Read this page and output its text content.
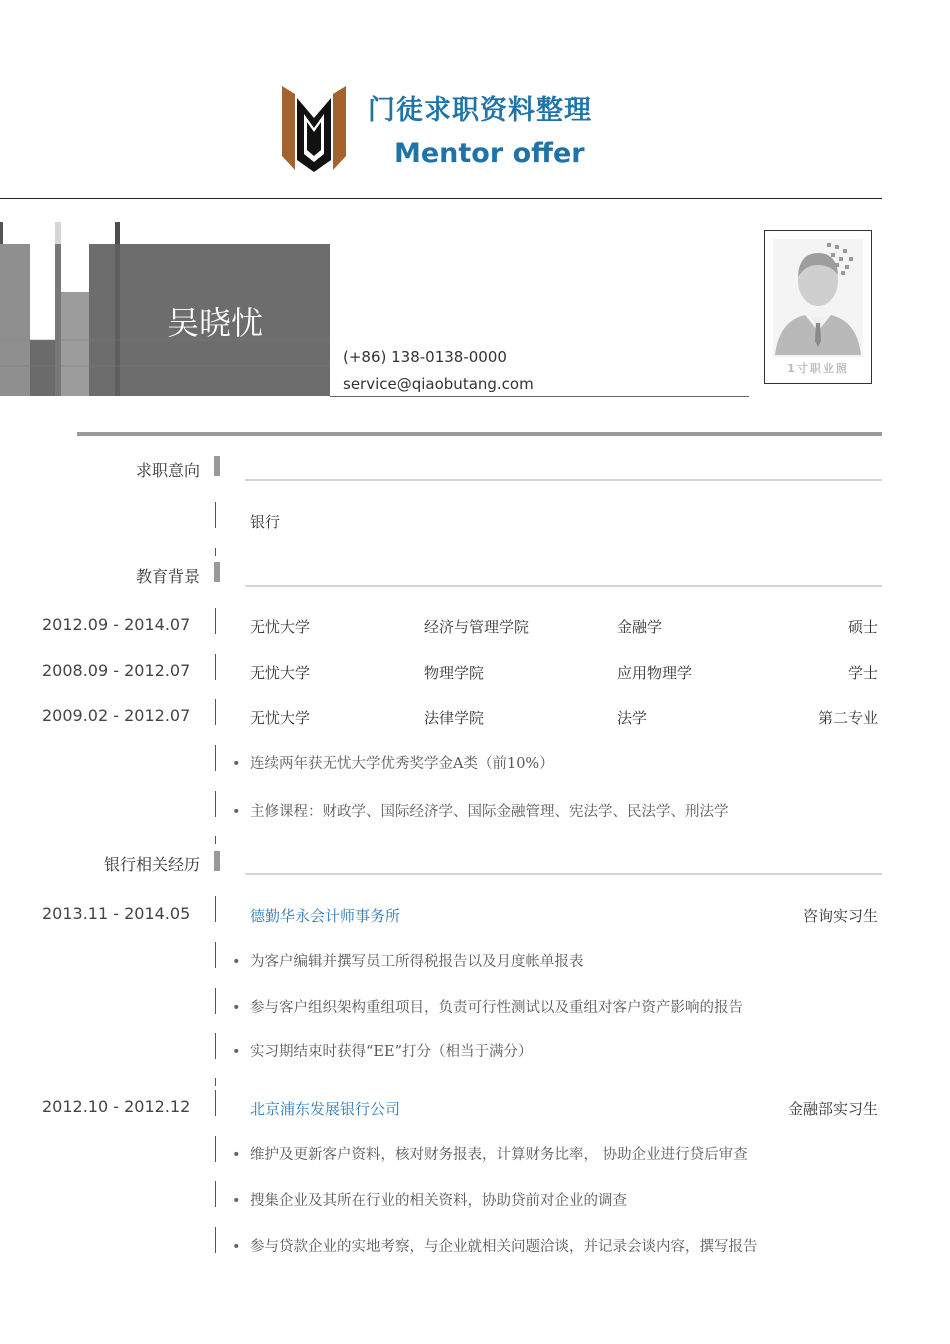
门徒求职资料整理
Mentor offer
吴晓忧
(+86) 138-0138-0000
service@qiaobutang.com
1寸职业照
求职意向
银行
教育背景
2012.09 - 2014.07	无忧大学	经济与管理学院	金融学	硕士
2008.09 - 2012.07	无忧大学	物理学院	应用物理学	学士
2009.02 - 2012.07	无忧大学	法律学院	法学	第二专业
• 连续两年获无忧大学优秀奖学金A类（前10%）
• 主修课程：财政学、国际经济学、国际金融管理、宪法学、民法学、刑法学
银行相关经历
2013.11 - 2014.05	德勤华永会计师事务所	咨询实习生
• 为客户编辑并撰写员工所得税报告以及月度帐单报表
• 参与客户组织架构重组项目，负责可行性测试以及重组对客户资产影响的报告
• 实习期结束时获得“EE”打分（相当于满分）
2012.10 - 2012.12	北京浦东发展银行公司	金融部实习生
• 维护及更新客户资料，核对财务报表，计算财务比率， 协助企业进行贷后审查
• 搜集企业及其所在行业的相关资料，协助贷前对企业的调查
• 参与贷款企业的实地考察，与企业就相关问题洽谈，并记录会谈内容，撰写报告
